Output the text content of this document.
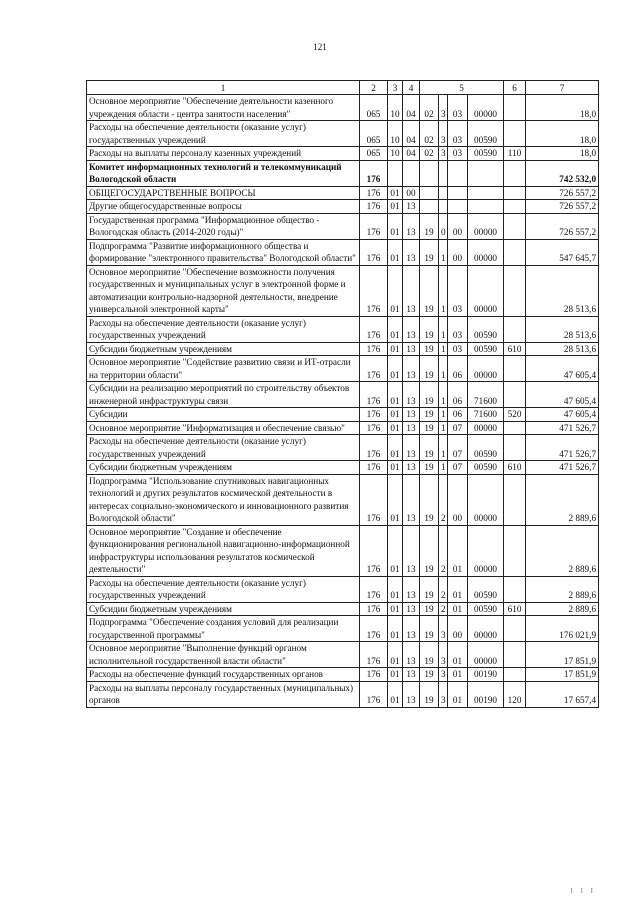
121
1	2	3	4	5				6	7
Основное мероприятие "Обеспечение деятельности казенного учреждения области - центра занятости населения"	065	10	04	02	3	03	00000		18,0
Расходы на обеспечение деятельности (оказание услуг) государственных учреждений	065	10	04	02	3	03	00590		18,0
Расходы на выплаты персоналу казенных учреждений	065	10	04	02	3	03	00590	110	18,0
Комитет информационных технологий и телекоммуникаций Вологодской области	176								742 532,0
ОБЩЕГОСУДАРСТВЕННЫЕ ВОПРОСЫ	176	01	00						726 557,2
Другие общегосударственные вопросы	176	01	13						726 557,2
Государственная программа "Информационное общество - Вологодская область (2014-2020 годы)"	176	01	13	19	0	00	00000		726 557,2
Подпрограмма "Развитие информационного общества и формирование "электронного правительства" Вологодской области"	176	01	13	19	1	00	00000		547 645,7
Основное мероприятие "Обеспечение возможности получения государственных и муниципальных услуг в электронной форме и автоматизации контрольно-надзорной деятельности, внедрение универсальной электронной карты"	176	01	13	19	1	03	00000		28 513,6
Расходы на обеспечение деятельности (оказание услуг) государственных учреждений	176	01	13	19	1	03	00590		28 513,6
Субсидии бюджетным учреждениям	176	01	13	19	1	03	00590	610	28 513,6
Основное мероприятие "Содействие развитию связи и ИТ-отрасли на территории области"	176	01	13	19	1	06	00000		47 605,4
Субсидии на реализацию мероприятий по строительству объектов инженерной инфраструктуры связи	176	01	13	19	1	06	71600		47 605,4
Субсидии	176	01	13	19	1	06	71600	520	47 605,4
Основное мероприятие "Информатизация и обеспечение связью"	176	01	13	19	1	07	00000		471 526,7
Расходы на обеспечение деятельности (оказание услуг) государственных учреждений	176	01	13	19	1	07	00590		471 526,7
Субсидии бюджетным учреждениям	176	01	13	19	1	07	00590	610	471 526,7
Подпрограмма "Использование спутниковых навигационных технологий и других результатов космической деятельности в интересах социально-экономического и инновационного развития Вологодской области"	176	01	13	19	2	00	00000		2 889,6
Основное мероприятие "Создание и обеспечение функционирования региональной навигационно-информационной инфраструктуры использования результатов космической деятельности"	176	01	13	19	2	01	00000		2 889,6
Расходы на обеспечение деятельности (оказание услуг) государственных учреждений	176	01	13	19	2	01	00590		2 889,6
Субсидии бюджетным учреждениям	176	01	13	19	2	01	00590	610	2 889,6
Подпрограмма "Обеспечение создания условий для реализации государственной программы"	176	01	13	19	3	00	00000		176 021,9
Основное мероприятие "Выполнение функций органом исполнительной государственной власти области"	176	01	13	19	3	01	00000		17 851,9
Расходы на обеспечение функций государственных органов	176	01	13	19	3	01	00190		17 851,9
Расходы на выплаты персоналу государственных (муниципальных) органов	176	01	13	19	3	01	00190	120	17 657,4
I I I
